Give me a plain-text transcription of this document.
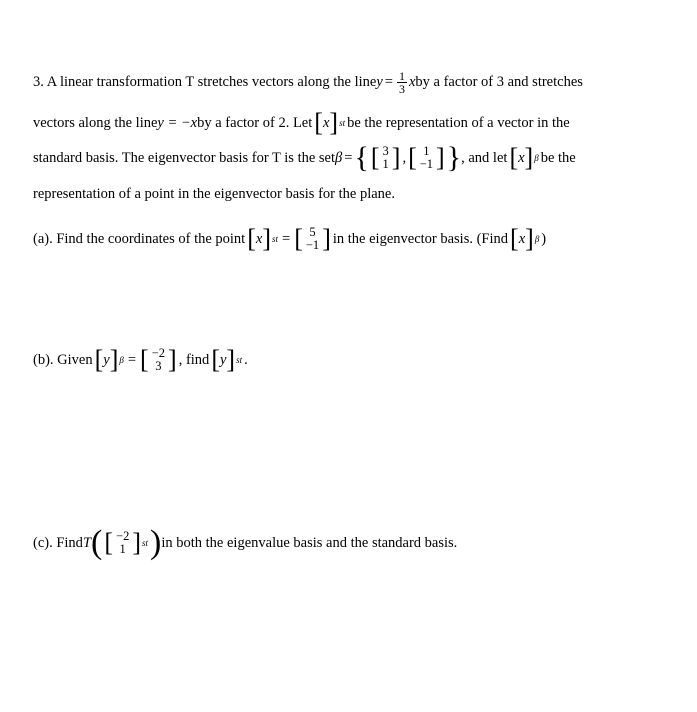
3. A linear transformation T stretches vectors along the line $y = \frac{1}{3}$ x by a factor of 3 and stretches
vectors along the line y = −x by a factor of 2. Let [ x ] st be the representation of a vector in the
standard basis. The eigenvector basis for T is the set β = { [ 3
1 ] , [ 1
−1 ] } , and let [ x ] β be the
representation of a point in the eigenvector basis for the plane.
(a). Find the coordinates of the point [ x ] st = [ 5
−1 ] in the eigenvector basis. (Find [ x ] β )
(b). Given [ y ] β = [ −2
3 ] , find [ y ] st .
(c). Find T ( [ −2
1 ] st ) in both the eigenvalue basis and the standard basis.
